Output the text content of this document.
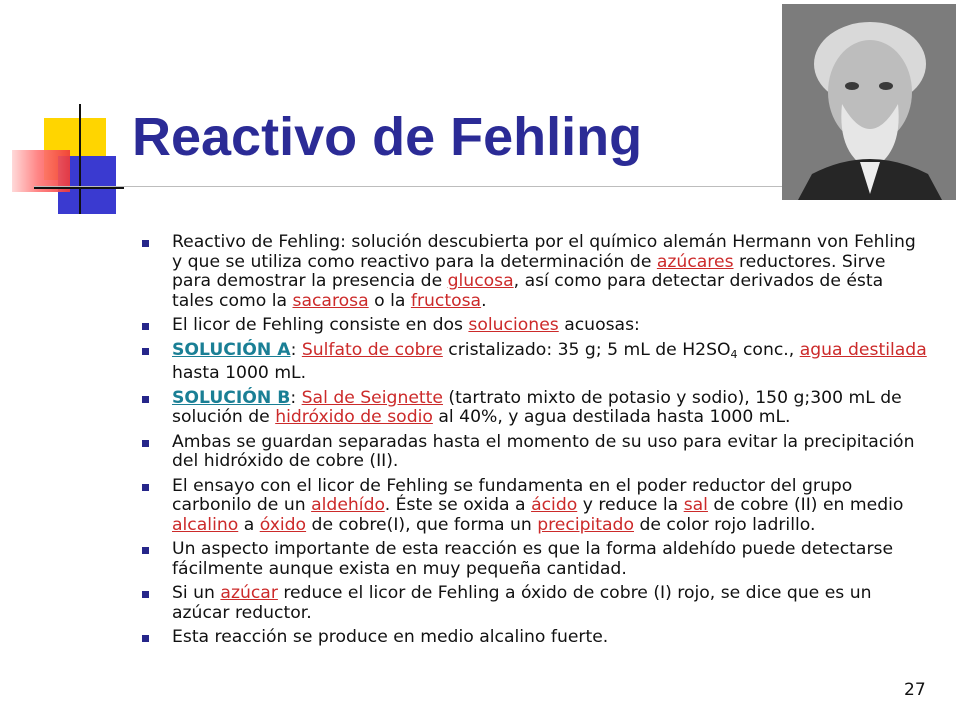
Reactivo de Fehling
Reactivo de Fehling: solución descubierta por el químico alemán Hermann von Fehling y que se utiliza como reactivo para la determinación de azúcares reductores. Sirve para demostrar la presencia de glucosa, así como para detectar derivados de ésta tales como la sacarosa o la fructosa.
El licor de Fehling consiste en dos soluciones acuosas:
SOLUCIÓN A: Sulfato de cobre cristalizado: 35 g; 5 mL de $H2SO_4$ conc., agua destilada hasta 1000 mL.
SOLUCIÓN B: Sal de Seignette (tartrato mixto de potasio y sodio), 150 g;300 mL de solución de hidróxido de sodio al 40%, y agua destilada hasta 1000 mL.
Ambas se guardan separadas hasta el momento de su uso para evitar la precipitación del hidróxido de cobre (II).
El ensayo con el licor de Fehling se fundamenta en el poder reductor del grupo carbonilo de un aldehído. Éste se oxida a ácido y reduce la sal de cobre (II) en medio alcalino a óxido de cobre(I), que forma un precipitado de color rojo ladrillo.
Un aspecto importante de esta reacción es que la forma aldehído puede detectarse fácilmente aunque exista en muy pequeña cantidad.
Si un azúcar reduce el licor de Fehling a óxido de cobre (I) rojo, se dice que es un azúcar reductor.
Esta reacción se produce en medio alcalino fuerte.
27
